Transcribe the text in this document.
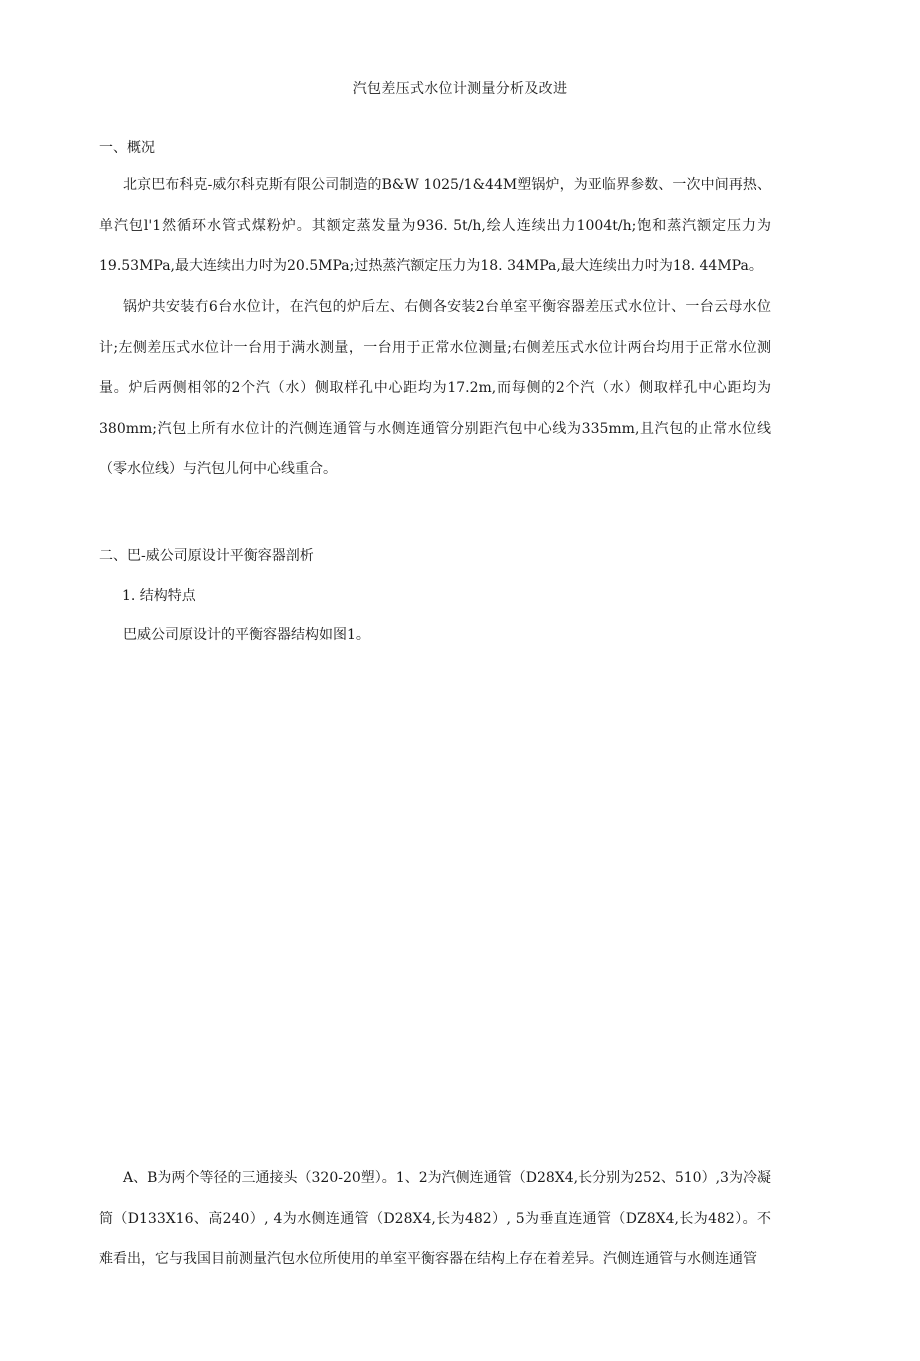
汽包差压式水位计测量分析及改进
一、概况

北京巴布科克-威尔科克斯有限公司制造的B&W 1025/1&44M塑锅炉，为亚临界参数、一次中间再热、单汽包l'1然循环水管式煤粉炉。其额定蒸发量为936. 5t/h,绘人连续出力1004t/h;饱和蒸汽额定压力为19.53MPa,最大连续出力吋为20.5MPa;过热蒸汽额定压力为18. 34MPa,最大连续出力吋为18. 44MPa。

锅炉共安装冇6台水位计，在汽包的炉后左、右侧各安装2台单室平衡容器差压式水位计、一台云母水位计;左侧差压式水位计一台用于满水测量，一台用于正常水位测量;右侧差压式水位计两台均用于正常水位测量。炉后两侧相邻的2个汽（水）侧取样孔中心距均为17.2m,而每侧的2个汽（水）侧取样孔中心距均为380mm;汽包上所有水位计的汽侧连通管与水侧连通管分别距汽包中心线为335mm,且汽包的止常水位线（零水位线）与汽包儿何中心线重合。

二、巴-威公司原设计平衡容器剖析
1. 结构特点

巴威公司原设计的平衡容器结构如图1。

A、B为两个等径的三通接头（320-20塑）。1、2为汽侧连通管（D28X4,长分别为252、510）,3为冷凝筒（D133X16、高240）, 4为水侧连通管（D28X4,长为482）, 5为垂直连通管（DZ8X4,长为482）。不难看出，它与我国目前测量汽包水位所使用的单室平衡容器在结构上存在着差异。汽侧连通管与水侧连通管
